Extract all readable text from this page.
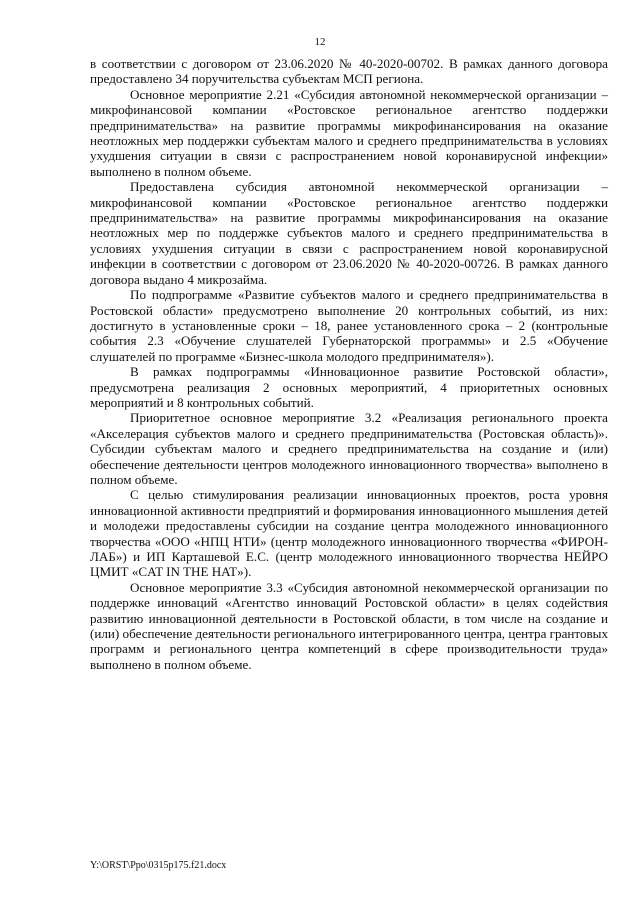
12

в соответствии с договором от 23.06.2020 № 40-2020-00702. В рамках данного договора предоставлено 34 поручительства субъектам МСП региона.

Основное мероприятие 2.21 «Субсидия автономной некоммерческой организации – микрофинансовой компании «Ростовское региональное агентство поддержки предпринимательства» на развитие программы микрофинансирования на оказание неотложных мер поддержки субъектам малого и среднего предпринимательства в условиях ухудшения ситуации в связи с распространением новой коронавирусной инфекции» выполнено в полном объеме.

Предоставлена субсидия автономной некоммерческой организации – микрофинансовой компании «Ростовское региональное агентство поддержки предпринимательства» на развитие программы микрофинансирования на оказание неотложных мер по поддержке субъектов малого и среднего предпринимательства в условиях ухудшения ситуации в связи с распространением новой коронавирусной инфекции в соответствии с договором от 23.06.2020 № 40-2020-00726. В рамках данного договора выдано 4 микрозайма.

По подпрограмме «Развитие субъектов малого и среднего предпринимательства в Ростовской области» предусмотрено выполнение 20 контрольных событий, из них: достигнуто в установленные сроки – 18, ранее установленного срока – 2 (контрольные события 2.3 «Обучение слушателей Губернаторской программы» и 2.5 «Обучение слушателей по программе «Бизнес-школа молодого предпринимателя»).

В рамках подпрограммы «Инновационное развитие Ростовской области», предусмотрена реализация 2 основных мероприятий, 4 приоритетных основных мероприятий и 8 контрольных событий.

Приоритетное основное мероприятие 3.2 «Реализация регионального проекта «Акселерация субъектов малого и среднего предпринимательства (Ростовская область)». Субсидии субъектам малого и среднего предпринимательства на создание и (или) обеспечение деятельности центров молодежного инновационного творчества» выполнено в полном объеме.

С целью стимулирования реализации инновационных проектов, роста уровня инновационной активности предприятий и формирования инновационного мышления детей и молодежи предоставлены субсидии на создание центра молодежного инновационного творчества «ООО «НПЦ НТИ» (центр молодежного инновационного творчества «ФИРОН-ЛАБ») и ИП Карташевой Е.С. (центр молодежного инновационного творчества НЕЙРО ЦМИТ «CAT IN THE HAT»).

Основное мероприятие 3.3 «Субсидия автономной некоммерческой организации по поддержке инноваций «Агентство инноваций Ростовской области» в целях содействия развитию инновационной деятельности в Ростовской области, в том числе на создание и (или) обеспечение деятельности регионального интегрированного центра, центра грантовых программ и регионального центра компетенций в сфере производительности труда» выполнено в полном объеме.

Y:\ORST\Ppo\0315p175.f21.docx
